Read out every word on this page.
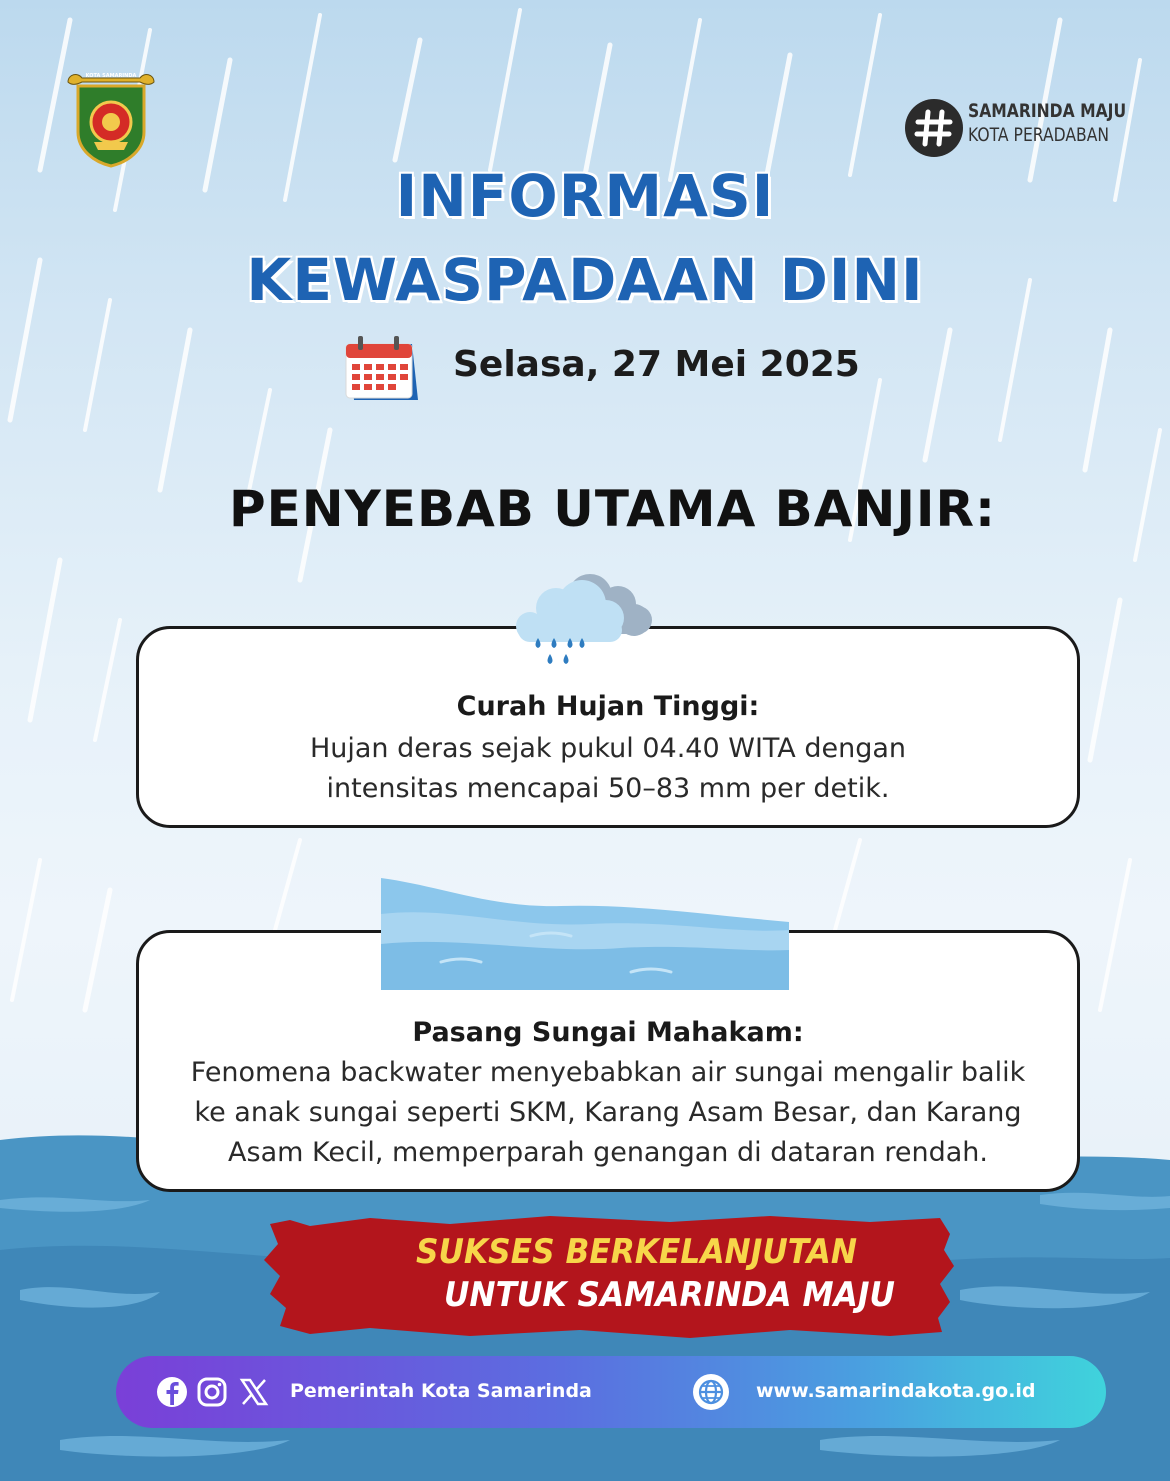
KOTA SAMARINDA
SAMARINDA MAJU
KOTA PERADABAN
INFORMASI
KEWASPADAAN DINI
Selasa, 27 Mei 2025
PENYEBAB UTAMA BANJIR:
Curah Hujan Tinggi:
Hujan deras sejak pukul 04.40 WITA dengan
intensitas mencapai 50–83 mm per detik.
Pasang Sungai Mahakam:
Fenomena backwater menyebabkan air sungai mengalir balik
ke anak sungai seperti SKM, Karang Asam Besar, dan Karang
Asam Kecil, memperparah genangan di dataran rendah.
SUKSES BERKELANJUTAN
UNTUK SAMARINDA MAJU
Pemerintah Kota Samarinda	www.samarindakota.go.id
